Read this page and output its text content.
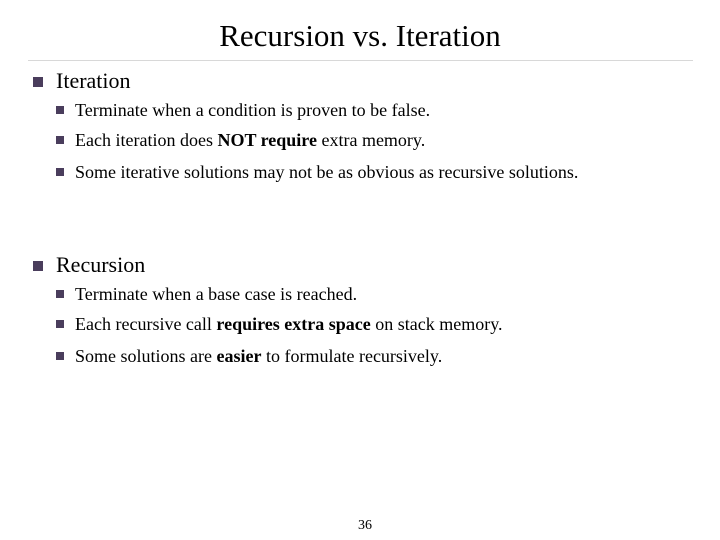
Recursion vs. Iteration
Iteration
Terminate when a condition is proven to be false.
Each iteration does NOT require extra memory.
Some iterative solutions may not be as obvious as recursive solutions.
Recursion
Terminate when a base case is reached.
Each recursive call requires extra space on stack memory.
Some solutions are easier to formulate recursively.
36
